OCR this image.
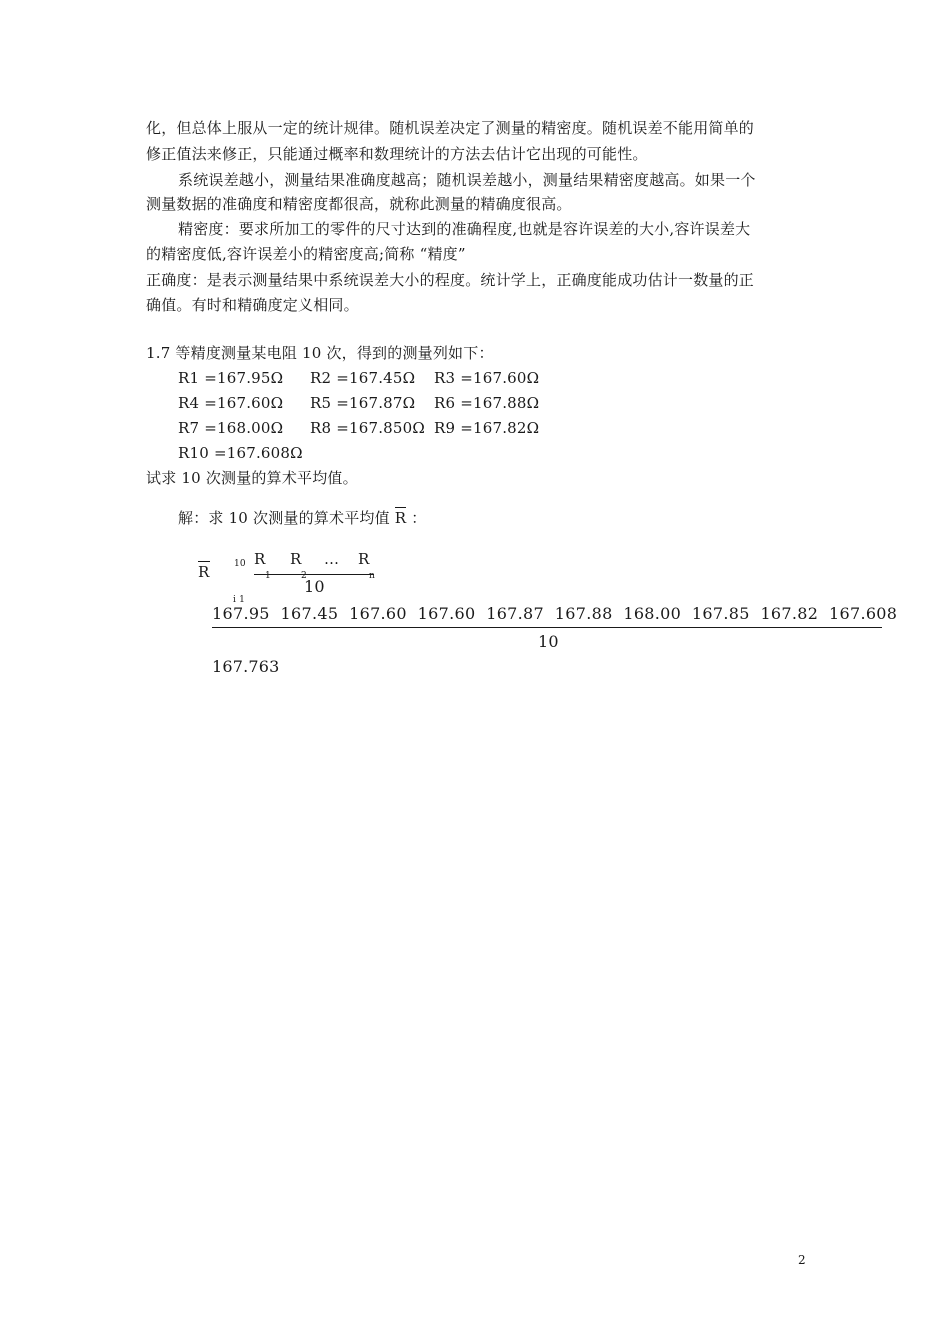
化，但总体上服从一定的统计规律。随机误差决定了测量的精密度。随机误差不能用简单的
修正值法来修正，只能通过概率和数理统计的方法去估计它出现的可能性。
系统误差越小，测量结果准确度越高；随机误差越小，测量结果精密度越高。如果一个
测量数据的准确度和精密度都很高，就称此测量的精确度很高。
精密度：要求所加工的零件的尺寸达到的准确程度,也就是容许误差的大小,容许误差大
的精密度低,容许误差小的精密度高;简称 “精度”
正确度：是表示测量结果中系统误差大小的程度。统计学上，正确度能成功估计一数量的正
确值。有时和精确度定义相同。
1.7 等精度测量某电阻 10 次，得到的测量列如下：
R1 =167.95Ω R2 =167.45Ω R3 =167.60Ω
R4 =167.60Ω R5 =167.87Ω R6 =167.88Ω
R7 =168.00Ω R8 =167.850Ω R9 =167.82Ω
R10 =167.608Ω
试求 10 次测量的算术平均值。
解：求 10 次测量的算术平均值 R ：
R	10
i 1
R
1
R
2
… R
n
10
167.95  167.45  167.60  167.60  167.87  167.88  168.00  167.85  167.82  167.608
10
167.763
2
